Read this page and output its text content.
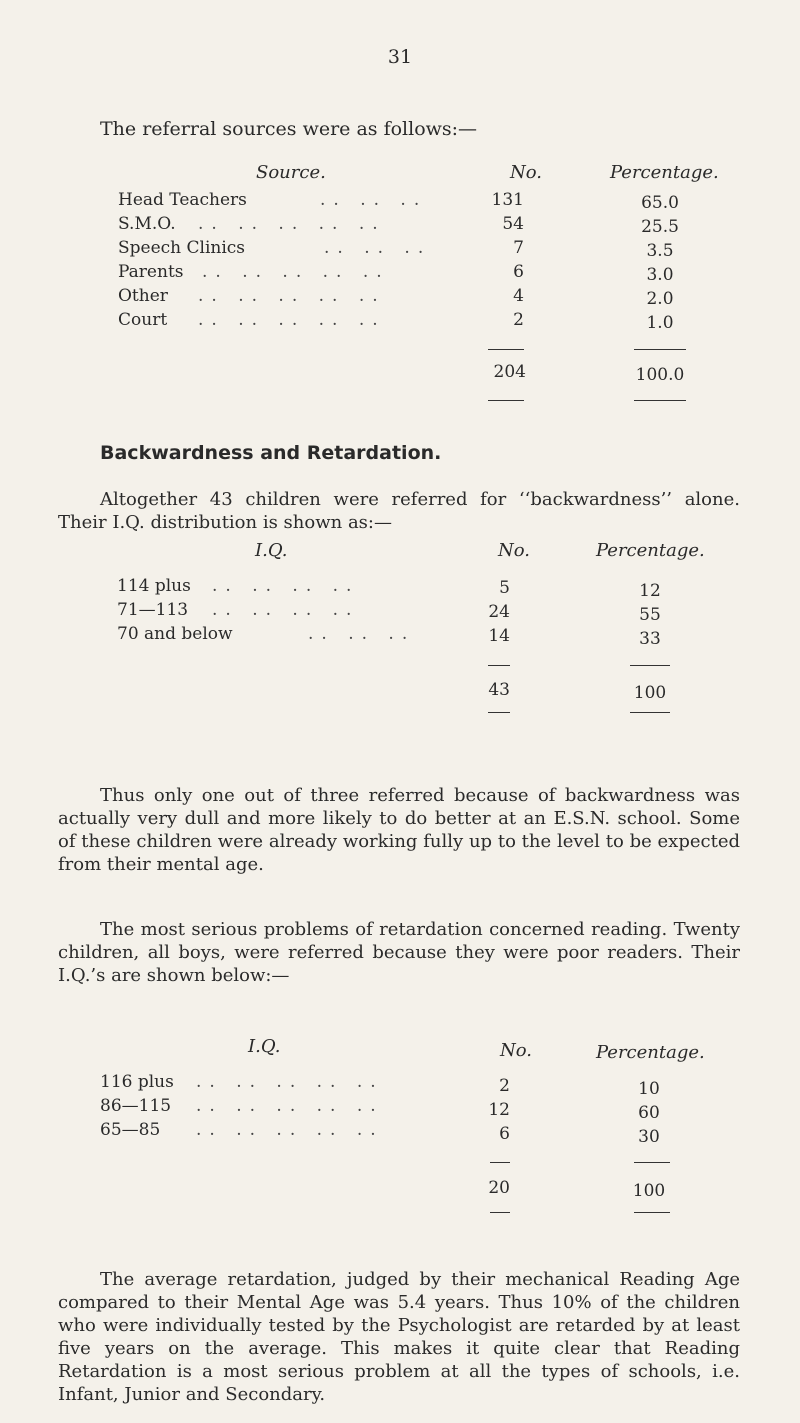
31
The referral sources were as follows:—
Source.	No.	Percentage.
Head Teachers	.. .. ..	131	65.0
S.M.O. .. .. .. .. ..	54	25.5
Speech Clinics	.. .. ..	7	3.5
Parents .. .. .. .. ..	6	3.0
Other .. .. .. .. ..	4	2.0
Court .. .. .. .. ..	2	1.0
204	100.0
Backwardness and Retardation.

Altogether 43 children were referred for ‘‘backwardness’’ alone. Their I.Q. distribution is shown as:—

I.Q.	No.	Percentage.
114 plus .. .. .. ..	5	12
71—113 .. .. .. ..	24	55
70 and below	.. .. ..	14	33
43	100

Thus only one out of three referred because of backwardness was actually very dull and more likely to do better at an E.S.N. school. Some of these children were already working fully up to the level to be expected from their mental age.

The most serious problems of retardation concerned reading. Twenty children, all boys, were referred because they were poor readers. Their I.Q.’s are shown below:—

I.Q.	No.	Percentage.
116 plus .. .. .. .. ..	2	10
86—115 .. .. .. .. ..	12	60
65—85 .. .. .. .. ..	6	30
20	100

The average retardation, judged by their mechanical Reading Age compared to their Mental Age was 5.4 years. Thus 10% of the children who were individually tested by the Psychologist are retarded by at least five years on the average. This makes it quite clear that Reading Retardation is a most serious problem at all the types of schools, i.e. Infant, Junior and Secondary.
